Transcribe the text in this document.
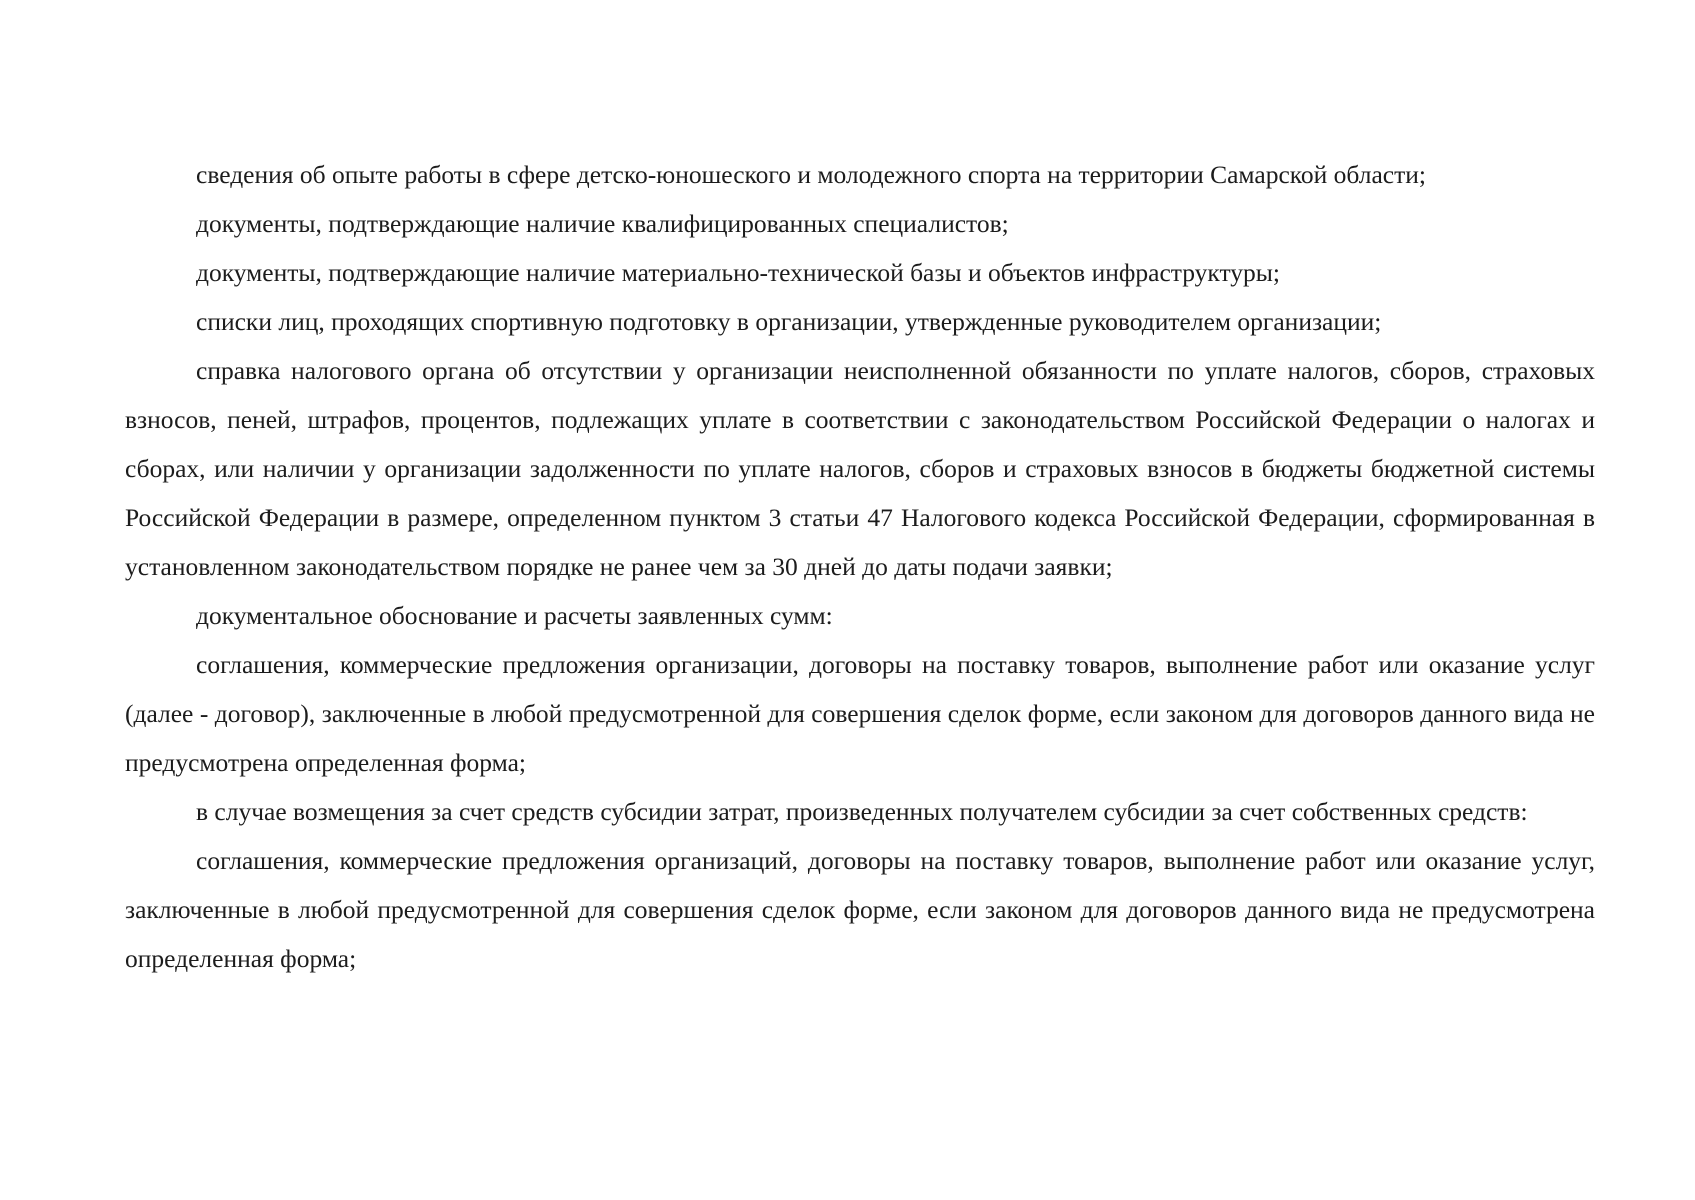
сведения об опыте работы в сфере детско-юношеского и молодежного спорта на территории Самарской области;

документы, подтверждающие наличие квалифицированных специалистов;

документы, подтверждающие наличие материально-технической базы и объектов инфраструктуры;

списки лиц, проходящих спортивную подготовку в организации, утвержденные руководителем организации;

справка налогового органа об отсутствии у организации неисполненной обязанности по уплате налогов, сборов, страховых взносов, пеней, штрафов, процентов, подлежащих уплате в соответствии с законодательством Российской Федерации о налогах и сборах, или наличии у организации задолженности по уплате налогов, сборов и страховых взносов в бюджеты бюджетной системы Российской Федерации в размере, определенном пунктом 3 статьи 47 Налогового кодекса Российской Федерации, сформированная в установленном законодательством порядке не ранее чем за 30 дней до даты подачи заявки;

документальное обоснование и расчеты заявленных сумм:

соглашения, коммерческие предложения организации, договоры на поставку товаров, выполнение работ или оказание услуг (далее - договор), заключенные в любой предусмотренной для совершения сделок форме, если законом для договоров данного вида не предусмотрена определенная форма;

в случае возмещения за счет средств субсидии затрат, произведенных получателем субсидии за счет собственных средств:

соглашения, коммерческие предложения организаций, договоры на поставку товаров, выполнение работ или оказание услуг, заключенные в любой предусмотренной для совершения сделок форме, если законом для договоров данного вида не предусмотрена определенная форма;
